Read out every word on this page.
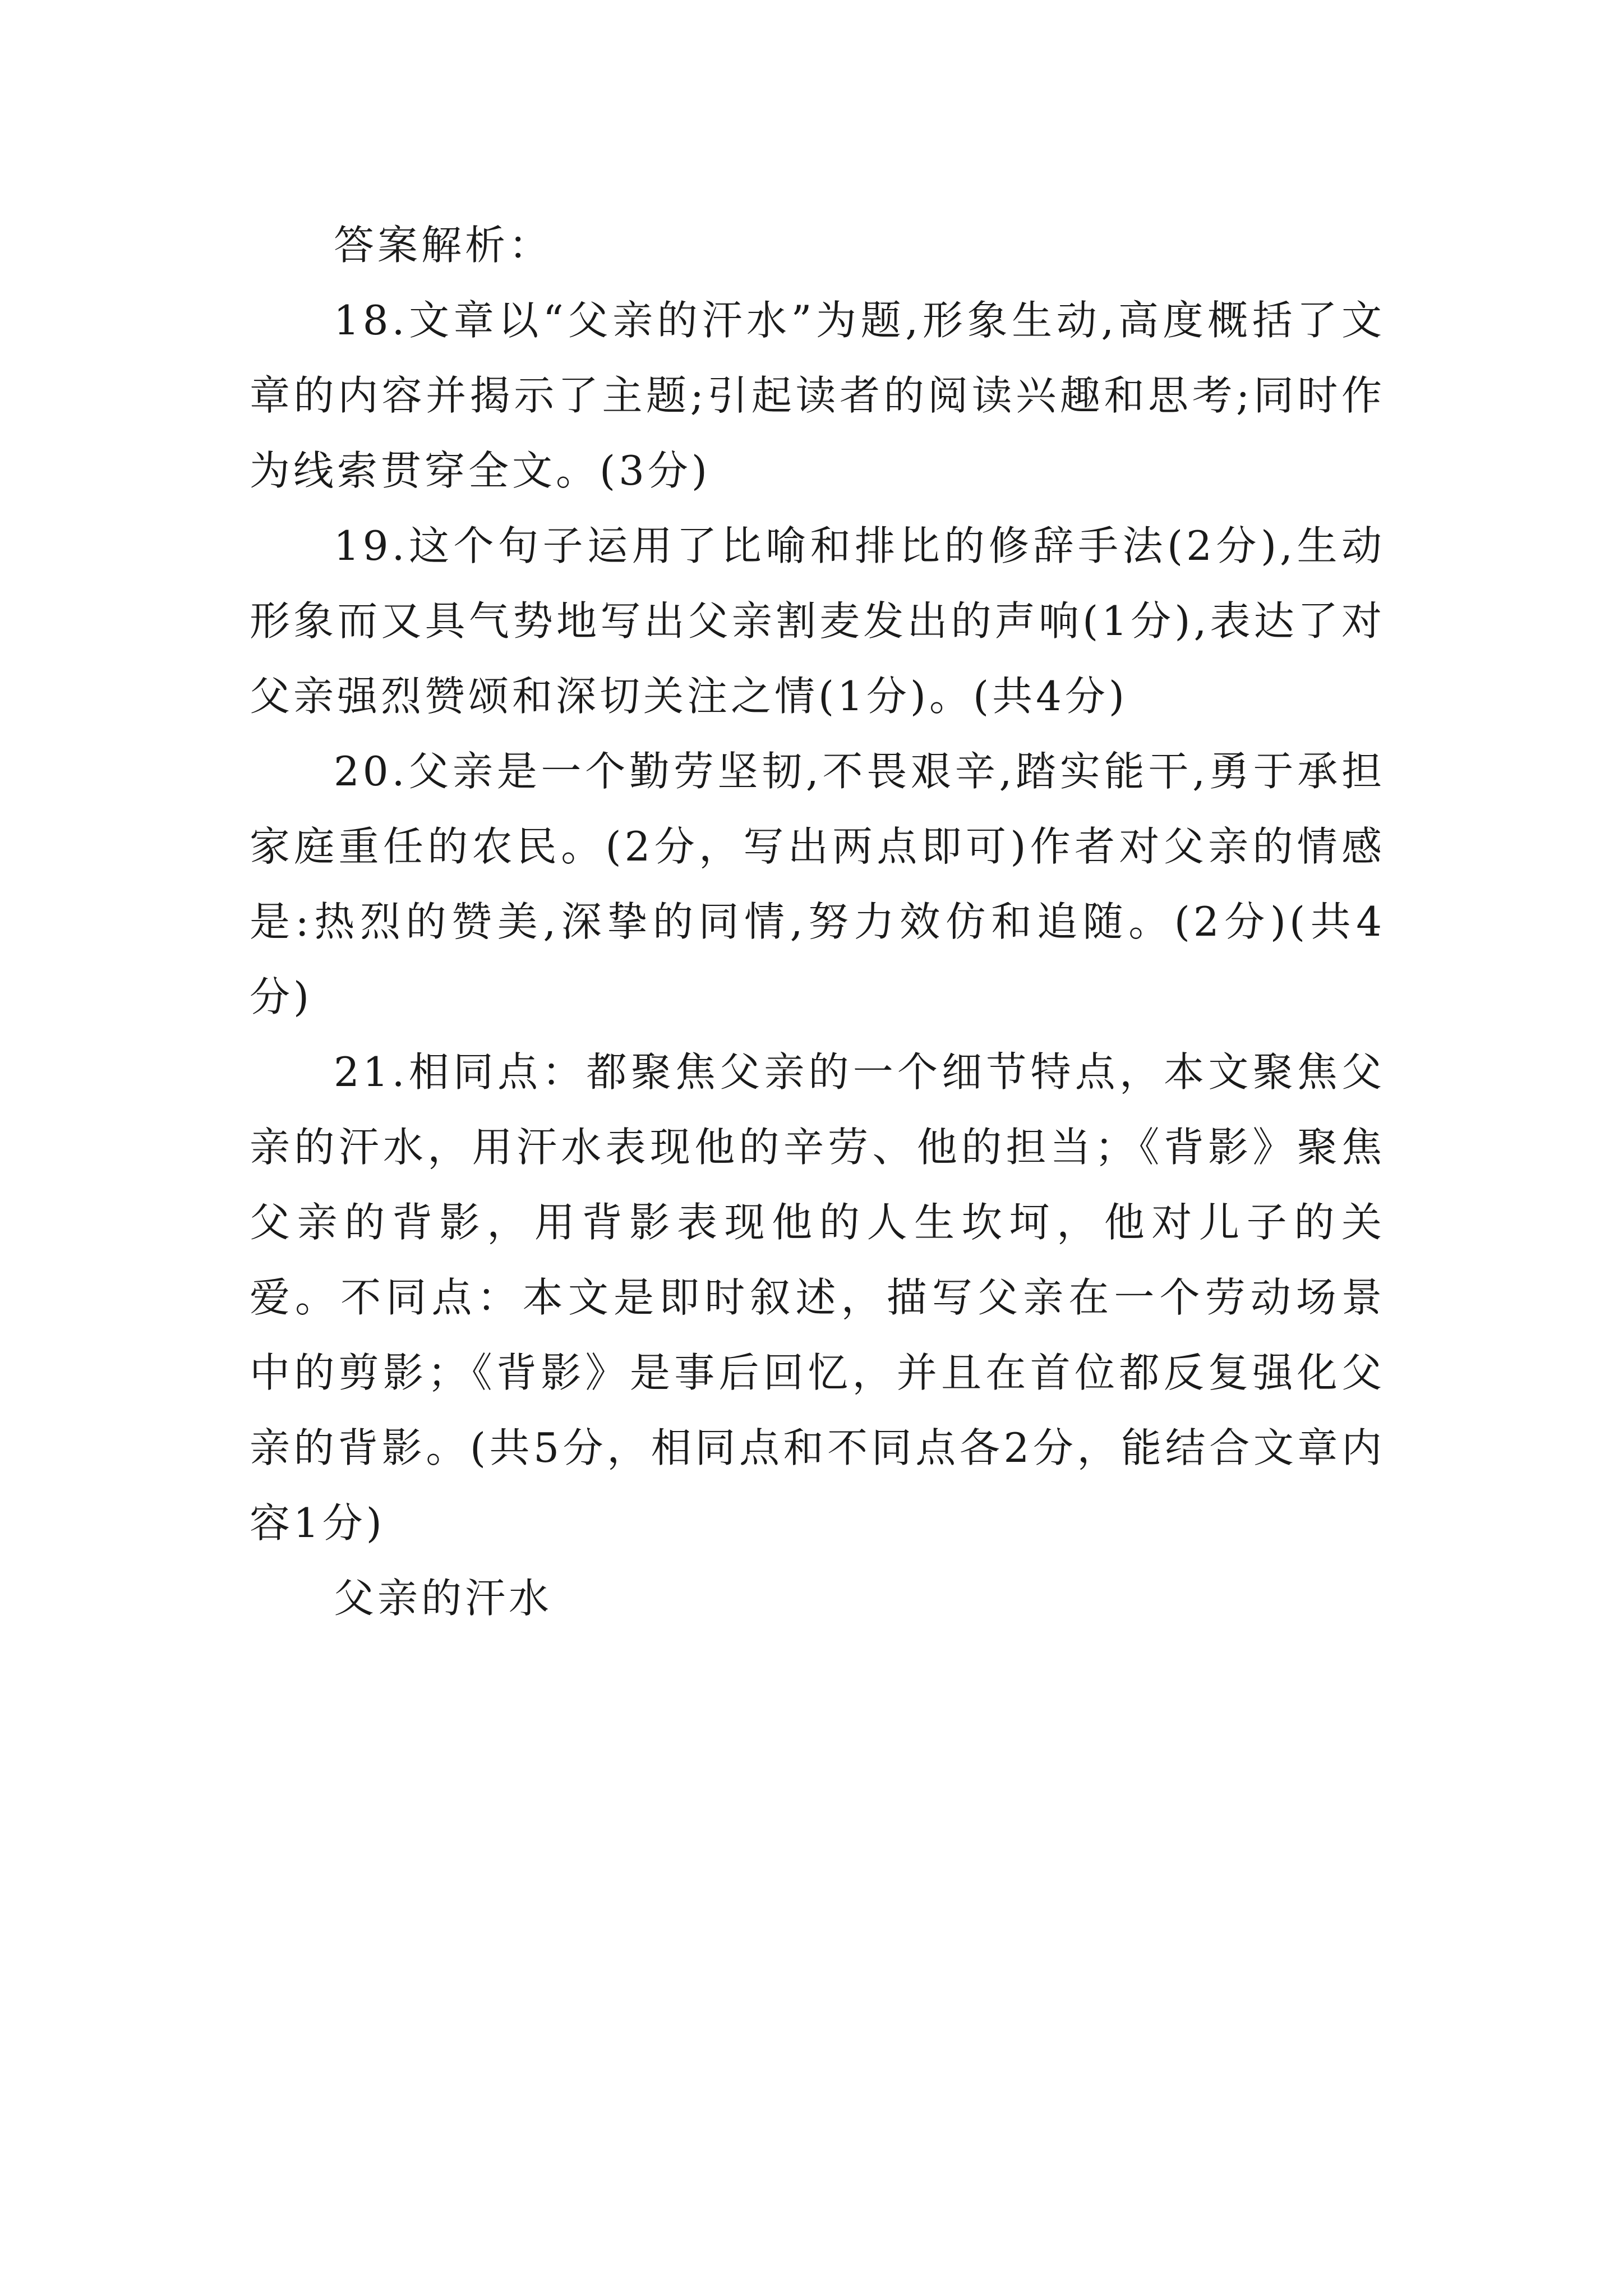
答案解析：

18.文章以“父亲的汗水”为题,形象生动,高度概括了文章的内容并揭示了主题;引起读者的阅读兴趣和思考;同时作为线索贯穿全文。(3分)

19.这个句子运用了比喻和排比的修辞手法(2分),生动形象而又具气势地写出父亲割麦发出的声响(1分),表达了对父亲强烈赞颂和深切关注之情(1分)。(共4分)

20.父亲是一个勤劳坚韧,不畏艰辛,踏实能干,勇于承担家庭重任的农民。(2分，写出两点即可)作者对父亲的情感是:热烈的赞美,深挚的同情,努力效仿和追随。(2分)(共4分)

21.相同点：都聚焦父亲的一个细节特点，本文聚焦父亲的汗水，用汗水表现他的辛劳、他的担当；《背影》聚焦父亲的背影，用背影表现他的人生坎坷，他对儿子的关爱。不同点：本文是即时叙述，描写父亲在一个劳动场景中的剪影；《背影》是事后回忆，并且在首位都反复强化父亲的背影。(共5分，相同点和不同点各2分，能结合文章内容1分)

父亲的汗水
